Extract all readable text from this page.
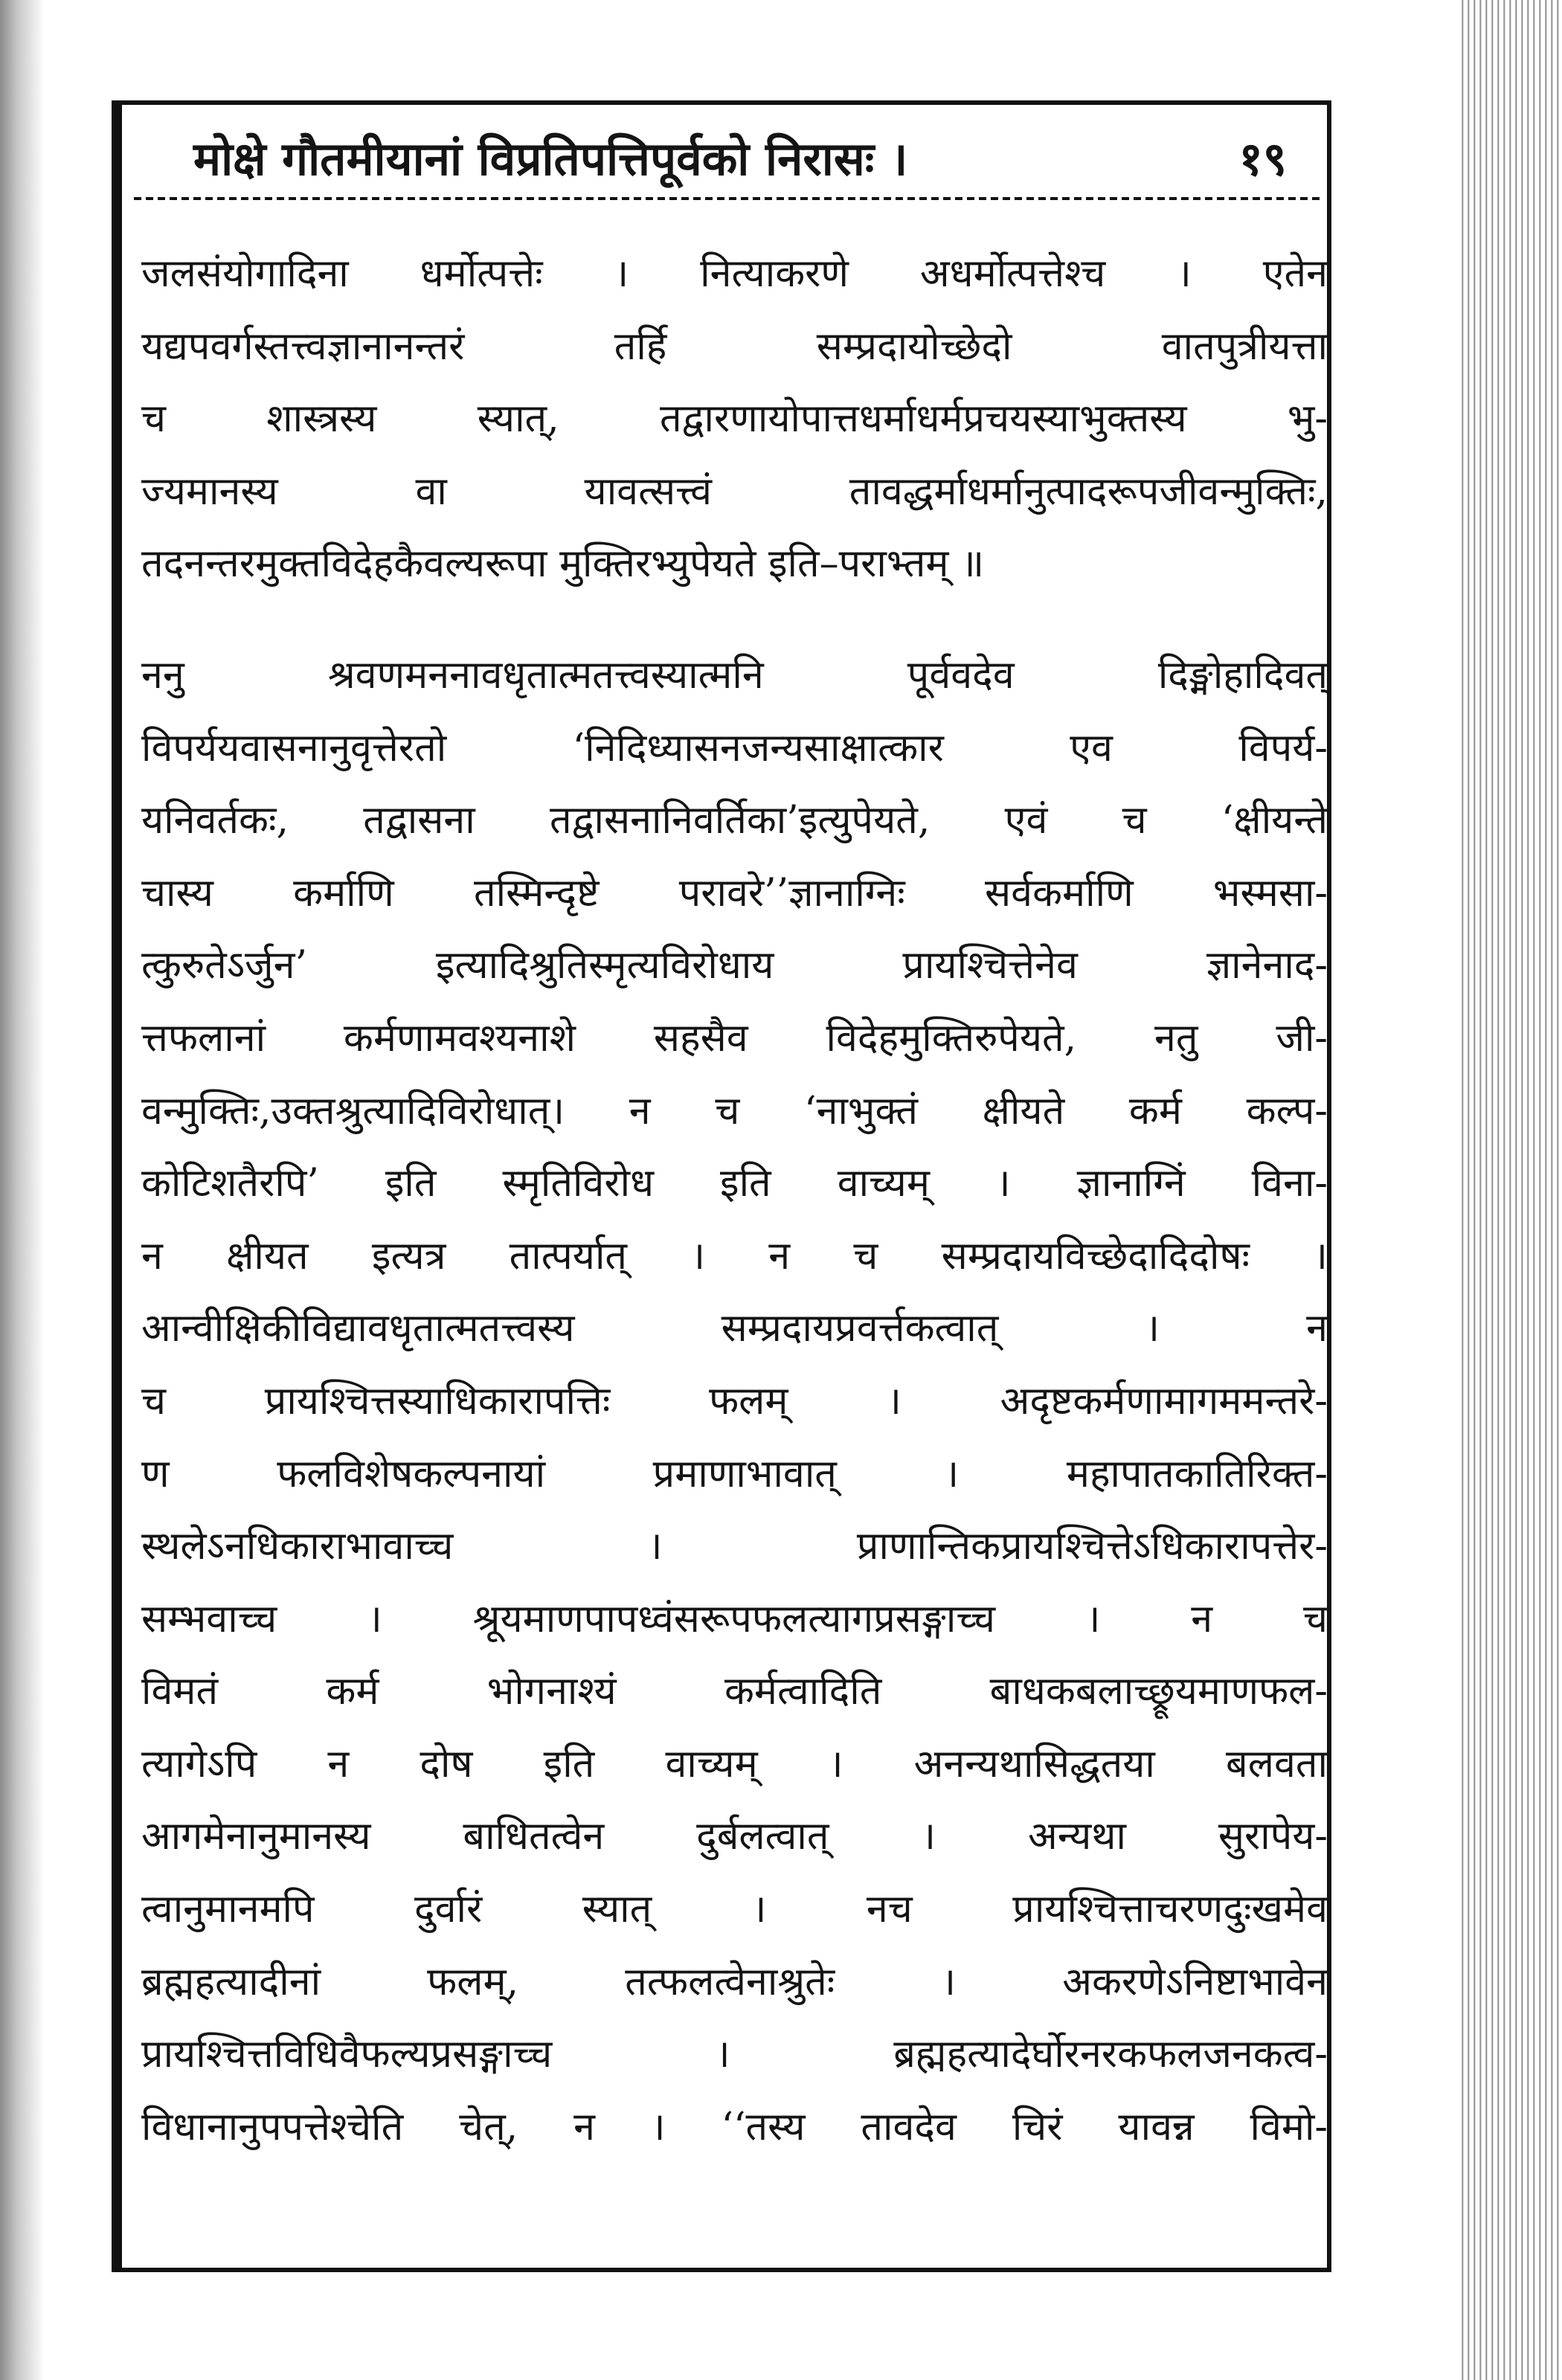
मोक्षे गौतमीयानां विप्रतिपत्तिपूर्वको निरासः ।	१९
जलसंयोगादिना धर्मोत्पत्तेः । नित्याकरणे अधर्मोत्पत्तेश्च । एतेन
यद्यपवर्गस्तत्त्वज्ञानानन्तरं तर्हि सम्प्रदायोच्छेदो वातपुत्रीयत्ता
च शास्त्रस्य स्यात्, तद्वारणायोपात्तधर्माधर्मप्रचयस्याभुक्तस्य भु-
ज्यमानस्य वा यावत्सत्त्वं तावद्धर्माधर्मानुत्पादरूपजीवन्मुक्तिः,
तदनन्तरमुक्तविदेहकैवल्यरूपा मुक्तिरभ्युपेयते इति–पराभ्तम् ॥
ननु श्रवणमननावधृतात्मतत्त्वस्यात्मनि पूर्ववदेव दिङ्मोहादिवत्
विपर्ययवासनानुवृत्तेरतो ‘निदिध्यासनजन्यसाक्षात्कार एव विपर्य-
यनिवर्तकः, तद्वासना तद्वासनानिवर्तिका’इत्युपेयते, एवं च ‘क्षीयन्ते
चास्य कर्माणि तस्मिन्दृष्टे परावरे’’ज्ञानाग्निः सर्वकर्माणि भस्मसा-
त्कुरुतेऽर्जुन’ इत्यादिश्रुतिस्मृत्यविरोधाय प्रायश्चित्तेनेव ज्ञानेनाद-
त्तफलानां कर्मणामवश्यनाशे सहसैव विदेहमुक्तिरुपेयते, नतु जी-
वन्मुक्तिः,उक्तश्रुत्यादिविरोधात्। न च ‘नाभुक्तं क्षीयते कर्म कल्प-
कोटिशतैरपि’ इति स्मृतिविरोध इति वाच्यम् । ज्ञानाग्निं विना-
न क्षीयत इत्यत्र तात्पर्यात् । न च सम्प्रदायविच्छेदादिदोषः ।
आन्वीक्षिकीविद्यावधृतात्मतत्त्वस्य सम्प्रदायप्रवर्त्तकत्वात् । न
च प्रायश्चित्तस्याधिकारापत्तिः फलम् । अदृष्टकर्मणामागममन्तरे-
ण फलविशेषकल्पनायां प्रमाणाभावात् । महापातकातिरिक्त-
स्थलेऽनधिकाराभावाच्च । प्राणान्तिकप्रायश्चित्तेऽधिकारापत्तेर-
सम्भवाच्च । श्रूयमाणपापध्वंसरूपफलत्यागप्रसङ्गाच्च । न च
विमतं कर्म भोगनाश्यं कर्मत्वादिति बाधकबलाच्छ्रूयमाणफल-
त्यागेऽपि न दोष इति वाच्यम् । अनन्यथासिद्धतया बलवता
आगमेनानुमानस्य बाधितत्वेन दुर्बलत्वात् । अन्यथा सुरापेय-
त्वानुमानमपि दुर्वारं स्यात् । नच प्रायश्चित्ताचरणदुःखमेव
ब्रह्महत्यादीनां फलम्, तत्फलत्वेनाश्रुतेः । अकरणेऽनिष्टाभावेन
प्रायश्चित्तविधिवैफल्यप्रसङ्गाच्च । ब्रह्महत्यादेर्घोरनरकफलजनकत्व-
विधानानुपपत्तेश्चेति चेत्, न । ‘‘तस्य तावदेव चिरं यावन्न विमो-
